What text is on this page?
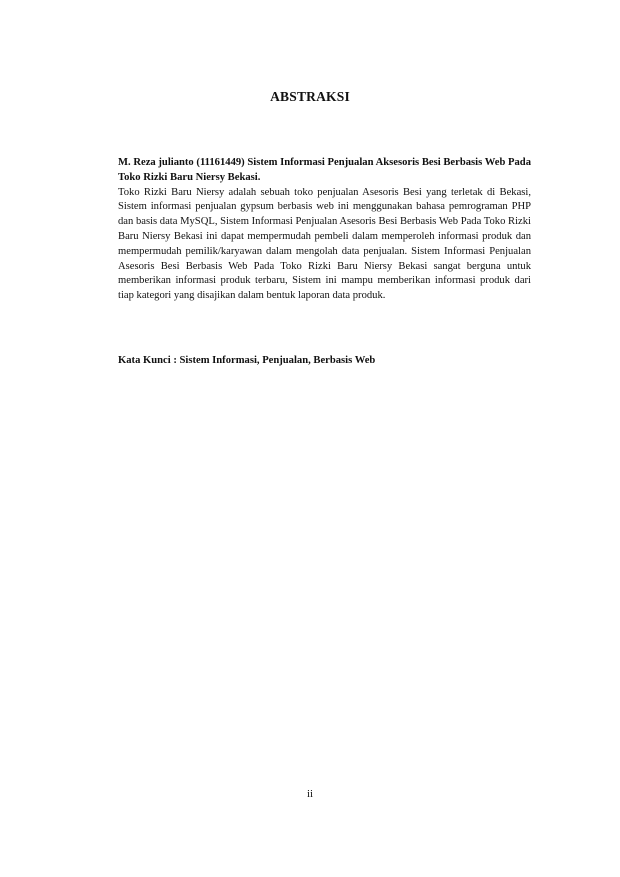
ABSTRAKSI

M. Reza julianto (11161449) Sistem Informasi Penjualan Aksesoris Besi Berbasis Web Pada Toko Rizki Baru Niersy Bekasi.

Toko Rizki Baru Niersy adalah sebuah toko penjualan Asesoris Besi yang terletak di Bekasi, Sistem informasi penjualan gypsum berbasis web ini menggunakan bahasa pemrograman PHP dan basis data MySQL, Sistem Informasi Penjualan Asesoris Besi Berbasis Web Pada Toko Rizki Baru Niersy Bekasi ini dapat mempermudah pembeli dalam memperoleh informasi produk dan mempermudah pemilik/karyawan dalam mengolah data penjualan. Sistem Informasi Penjualan Asesoris Besi Berbasis Web Pada Toko Rizki Baru Niersy Bekasi sangat berguna untuk memberikan informasi produk terbaru, Sistem ini mampu memberikan informasi produk dari tiap kategori yang disajikan dalam bentuk laporan data produk.

Kata Kunci : Sistem Informasi, Penjualan, Berbasis Web
ii
